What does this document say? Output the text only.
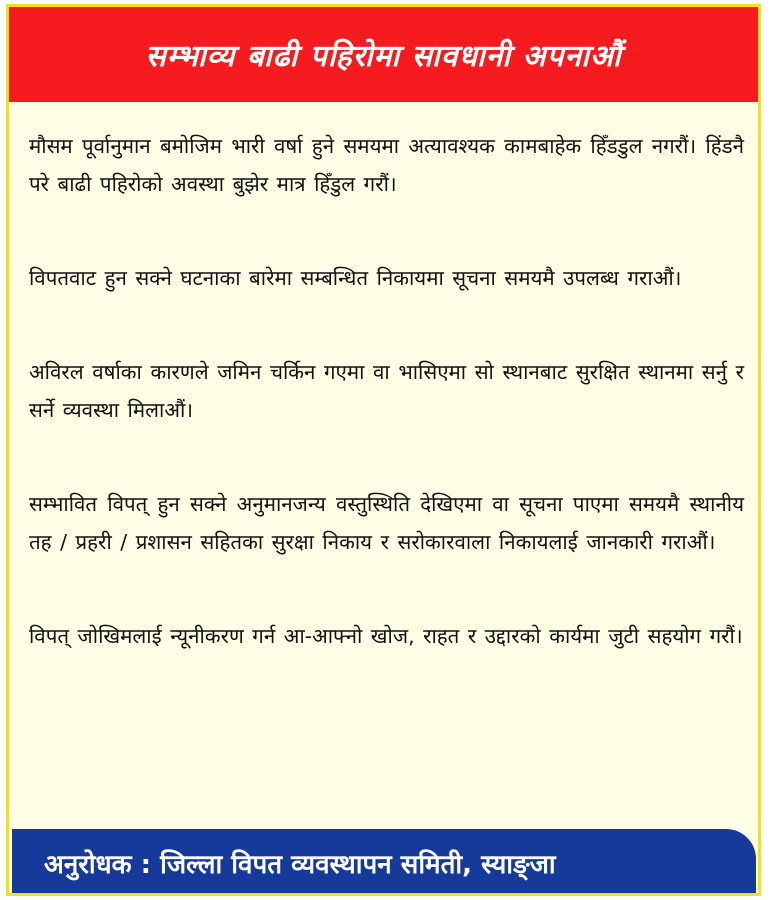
सम्भाव्य बाढी पहिरोमा सावधानी अपनाऔं

मौसम पूर्वानुमान बमोजिम भारी वर्षा हुने समयमा अत्यावश्यक कामबाहेक हिँडडुल नगरौं। हिंडनै परे बाढी पहिरोको अवस्था बुझेर मात्र हिँडुल गरौं।

विपतवाट हुन सक्ने घटनाका बारेमा सम्बन्धित निकायमा सूचना समयमै उपलब्ध गराऔं।

अविरल वर्षाका कारणले जमिन चर्किन गएमा वा भासिएमा सो स्थानबाट सुरक्षित स्थानमा सर्नु र सर्ने व्यवस्था मिलाऔं।

सम्भावित विपत् हुन सक्ने अनुमानजन्य वस्तुस्थिति देखिएमा वा सूचना पाएमा समयमै स्थानीय तह / प्रहरी / प्रशासन सहितका सुरक्षा निकाय र सरोकारवाला निकायलाई जानकारी गराऔं।

विपत् जोखिमलाई न्यूनीकरण गर्न आ-आफ्नो खोज, राहत र उद्दारको कार्यमा जुटी सहयोग गरौं।

अनुरोधक : जिल्ला विपत व्यवस्थापन समिती, स्याङ्जा
